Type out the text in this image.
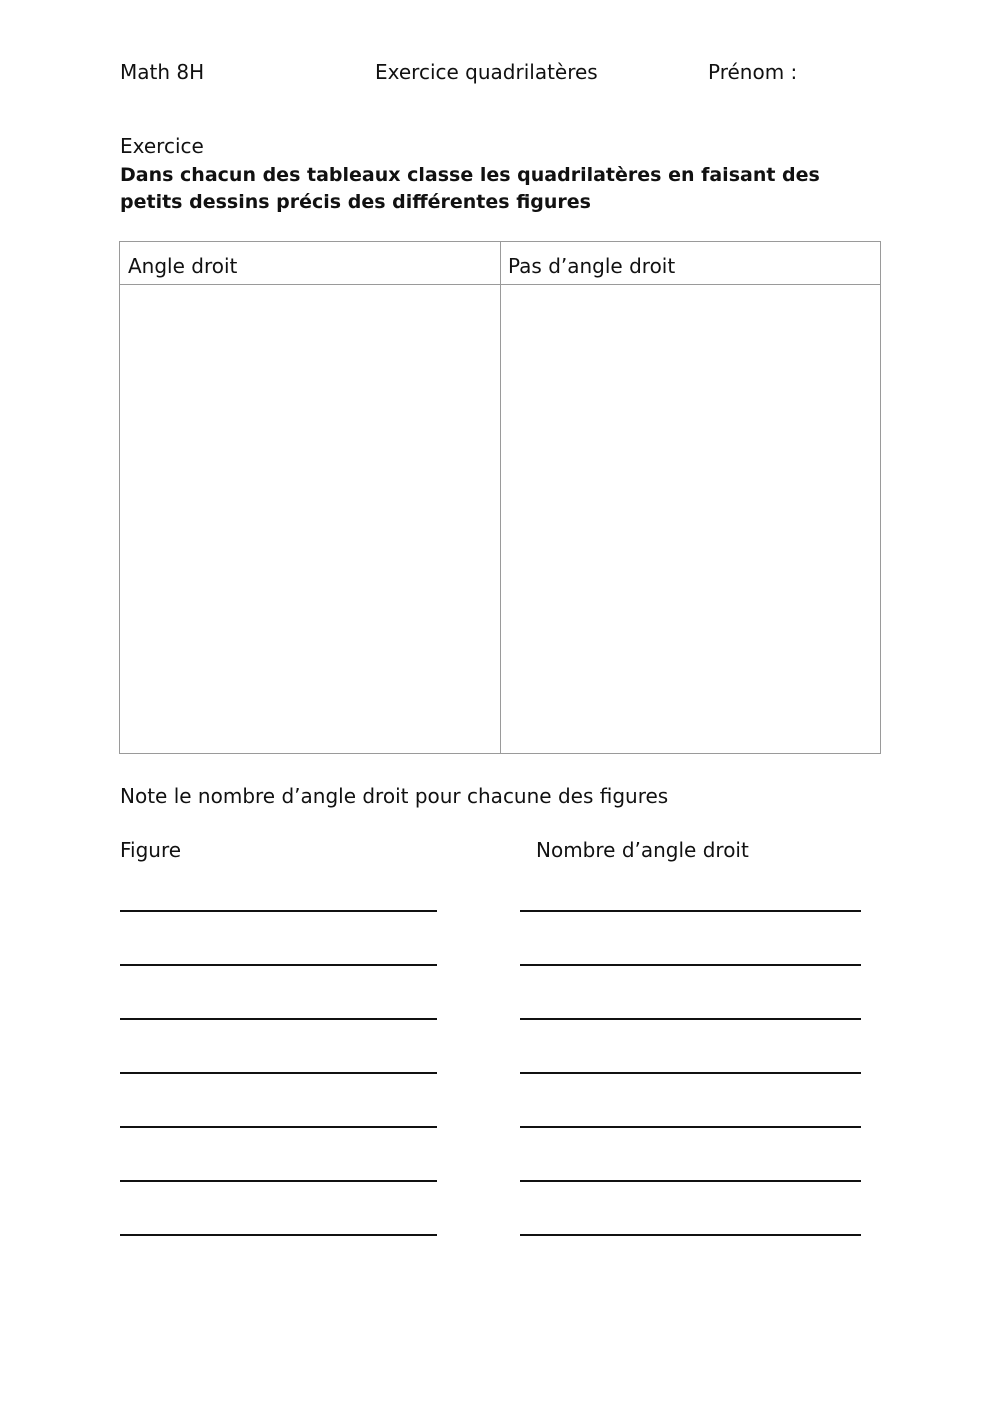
Math 8H	Exercice quadrilatères	Prénom :
Exercice
Dans chacun des tableaux classe les quadrilatères en faisant des petits dessins précis des différentes figures
Angle droit	Pas d’angle droit
Note le nombre d’angle droit pour chacune des figures
Figure	Nombre d’angle droit
